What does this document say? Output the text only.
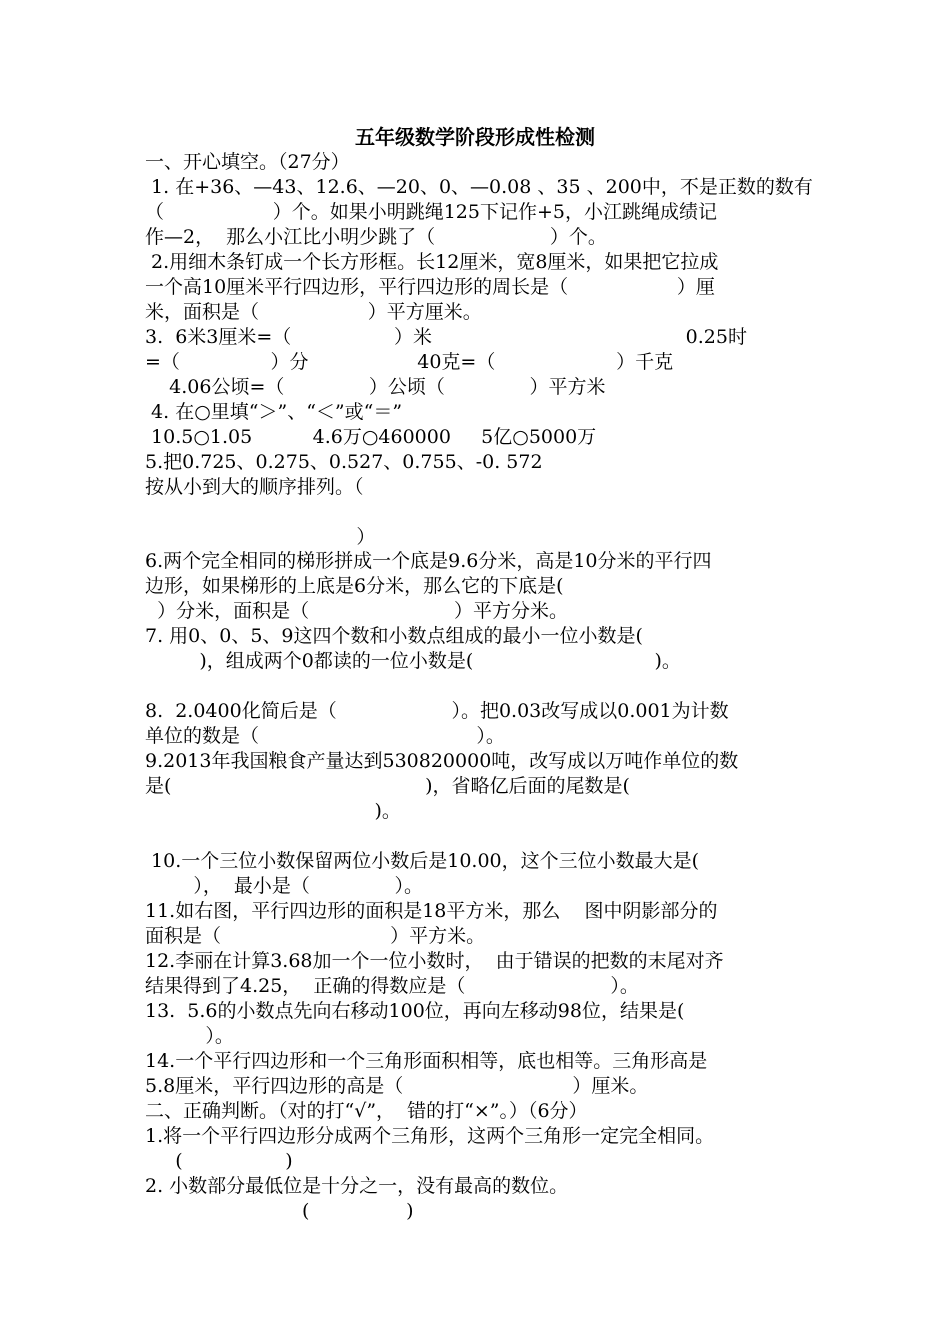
五年级数学阶段形成性检测

一、开心填空。（27分）

1. 在+36、—43、12.6、—20、0、—0.08 、35 、200中，不是正数的数有

（                  ）个。如果小明跳绳125下记作+5，小江跳绳成绩记

作—2，  那么小江比小明少跳了（                   ）个。

2.用细木条钉成一个长方形框。长12厘米，宽8厘米，如果把它拉成

一个高10厘米平行四边形，平行四边形的周长是（                  ）厘

米，面积是（                  ）平方厘米。

3.  6米3厘米=（                 ）米                                          0.25时

=（               ）分                  40克=（                    ）千克

4.06公顷=（              ）公顷（              ）平方米

4. 在○里填“＞”、“＜”或“＝”

10.5○1.05          4.6万○460000     5亿○5000万

5.把0.725、0.275、0.527、0.755、-0. 572

按从小到大的顺序排列。（

）

6.两个完全相同的梯形拼成一个底是9.6分米，高是10分米的平行四

边形，如果梯形的上底是6分米，那么它的下底是(

）分米，面积是（                        ）平方分米。

7. 用0、0、5、9这四个数和小数点组成的最小一位小数是(

)，组成两个0都读的一位小数是(                              )。

8.  2.0400化简后是（                   ）。把0.03改写成以0.001为计数

单位的数是（                                    ）。

9.2013年我国粮食产量达到530820000吨，改写成以万吨作单位的数

是(                                          )，省略亿后面的尾数是(

)。

10.一个三位小数保留两位小数后是10.00，这个三位小数最大是(

），  最小是（              ）。

11.如右图，平行四边形的面积是18平方米，那么    图中阴影部分的

面积是（                            ）平方米。

12.李丽在计算3.68加一个一位小数时，  由于错误的把数的末尾对齐

结果得到了4.25，  正确的得数应是（                        ）。

13.  5.6的小数点先向右移动100位，再向左移动98位，结果是(

）。

14.一个平行四边形和一个三角形面积相等，底也相等。三角形高是

5.8厘米，平行四边形的高是（                            ）厘米。

二、正确判断。（对的打“√”，  错的打“×”。）（6分）

1.将一个平行四边形分成两个三角形，这两个三角形一定完全相同。

(                 )

2. 小数部分最低位是十分之一，没有最高的数位。

(                )
